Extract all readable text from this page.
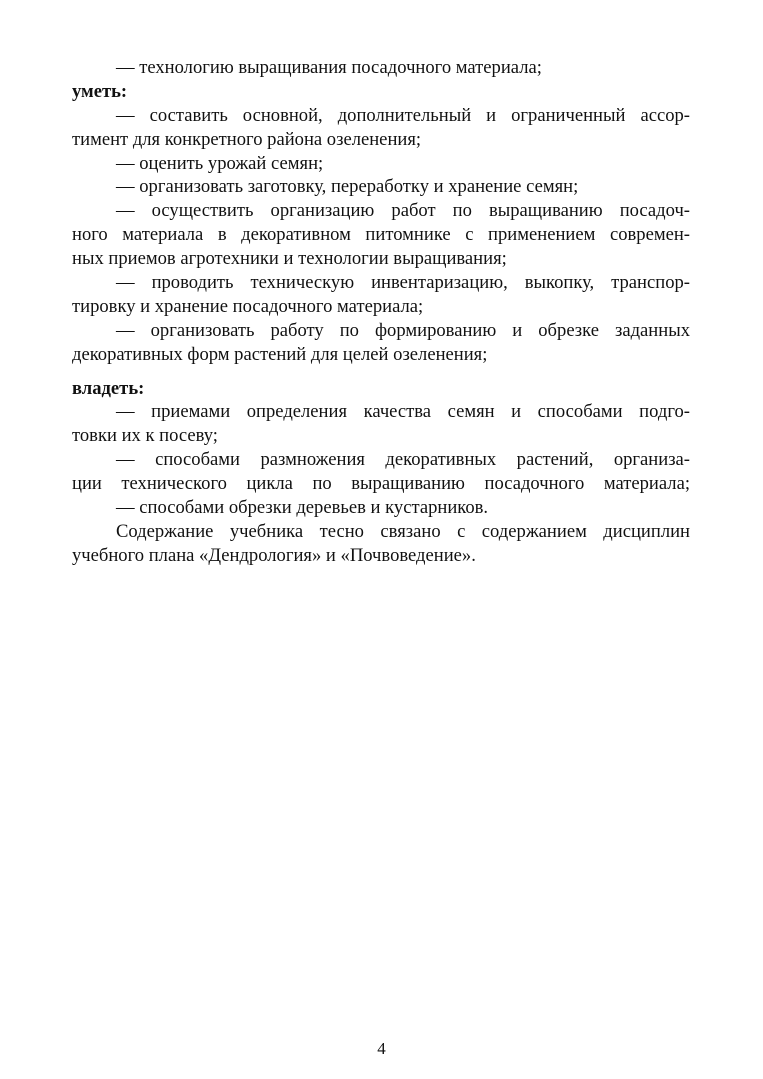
— технологию выращивания посадочного материала;
уметь:
— составить основной, дополнительный и ограниченный ассор-
тимент для конкретного района озеленения;
— оценить урожай семян;
— организовать заготовку, переработку и хранение семян;
— осуществить организацию работ по выращиванию посадоч-
ного материала в декоративном питомнике с применением современ-
ных приемов агротехники и технологии выращивания;
— проводить техническую инвентаризацию, выкопку, транспор-
тировку и хранение посадочного материала;
— организовать работу по формированию и обрезке заданных
декоративных форм растений для целей озеленения;
владеть:
— приемами определения качества семян и способами подго-
товки их к посеву;
— способами размножения декоративных растений, организа-
ции технического цикла по выращиванию посадочного материала;
— способами обрезки деревьев и кустарников.
Содержание учебника тесно связано с содержанием дисциплин
учебного плана «Дендрология» и «Почвоведение».
4
